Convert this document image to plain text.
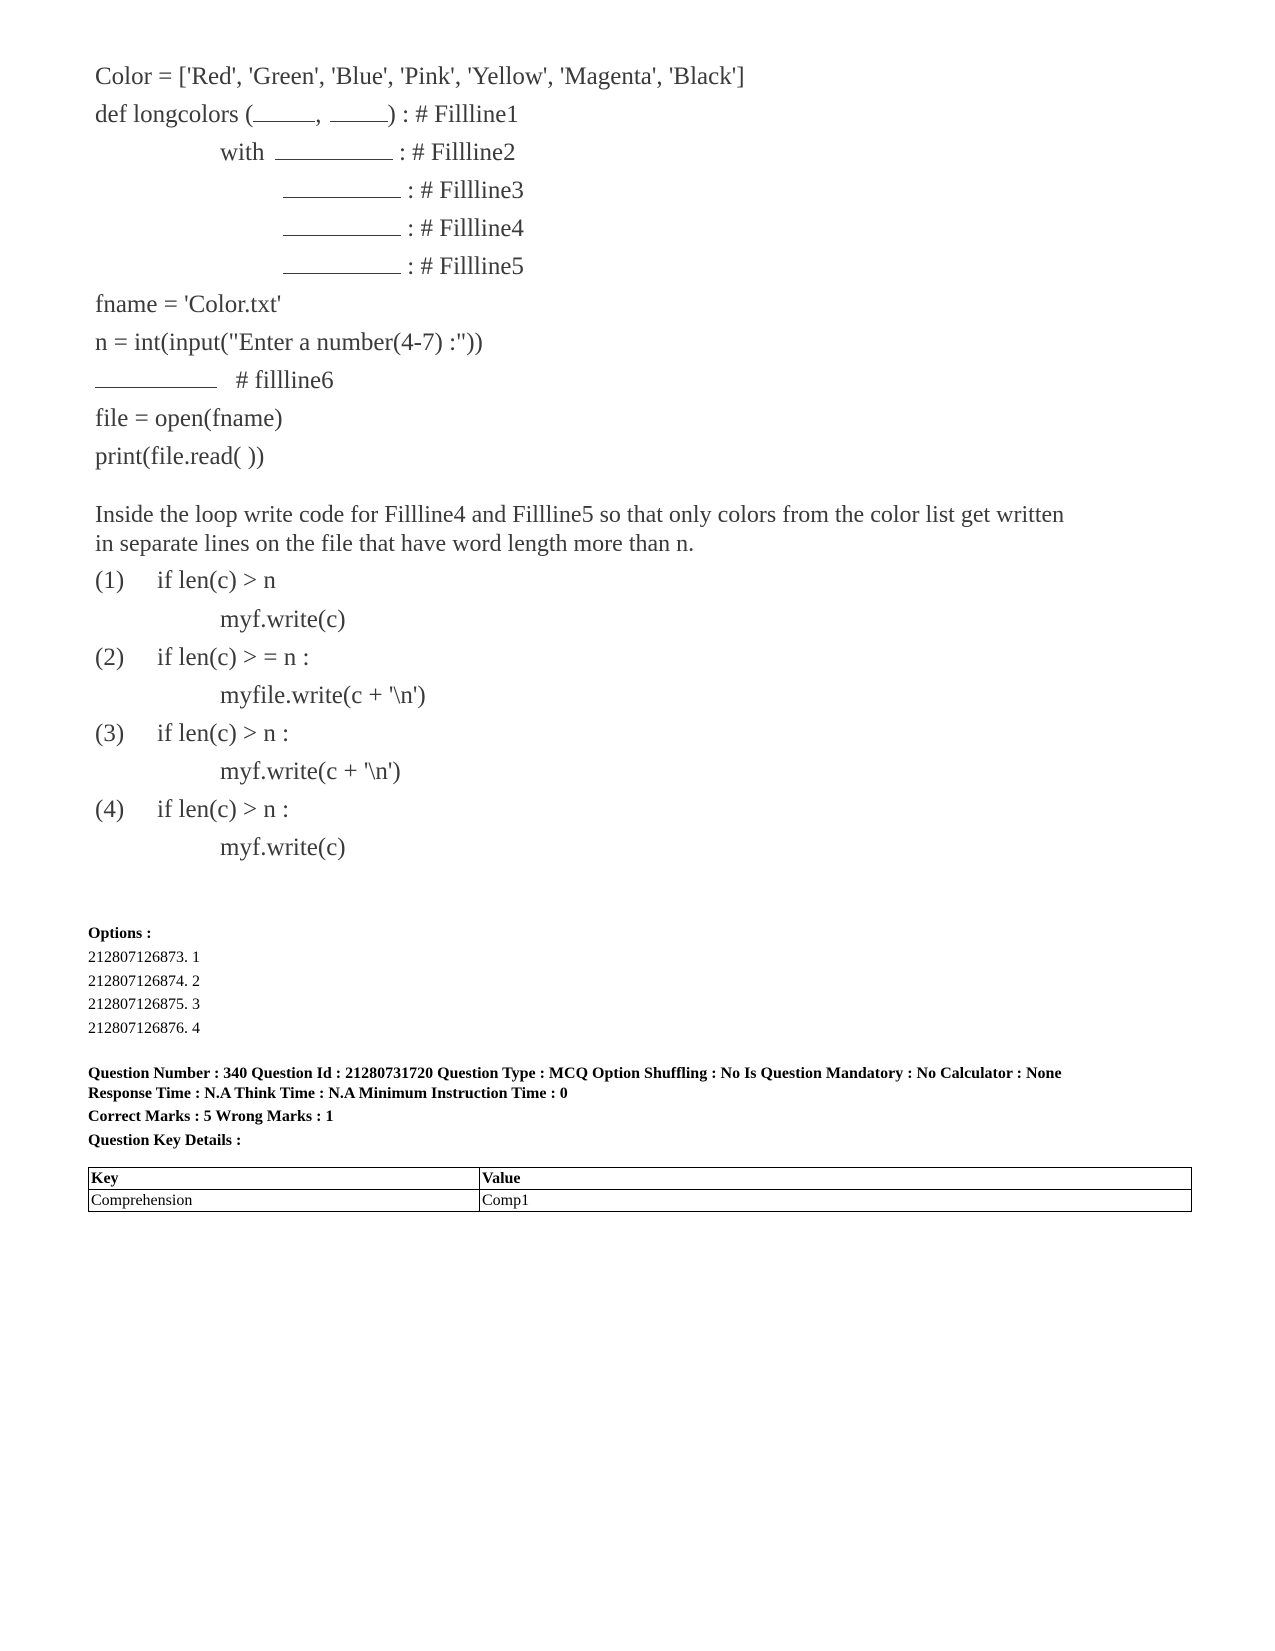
Color = ['Red', 'Green', 'Blue', 'Pink', 'Yellow', 'Magenta', 'Black']
def longcolors ( ,	) : # Fillline1
with	: # Fillline2
: # Fillline3
: # Fillline4
: # Fillline5
fname = 'Color.txt'
n = int(input("Enter a number(4-7) :"))
# fillline6
file = open(fname)
print(file.read( ))
Inside the loop write code for Fillline4 and Fillline5 so that only colors from the color list get written
in separate lines on the file that have word length more than n.
(1) if len(c) > n
myf.write(c)
(2) if len(c) > = n :
myfile.write(c + '\n')
(3) if len(c) > n :
myf.write(c + '\n')
(4) if len(c) > n :
myf.write(c)
Options :
212807126873. 1
212807126874. 2
212807126875. 3
212807126876. 4
Question Number : 340 Question Id : 21280731720 Question Type : MCQ Option Shuffling : No Is Question Mandatory : No Calculator : None
Response Time : N.A Think Time : N.A Minimum Instruction Time : 0
Correct Marks : 5 Wrong Marks : 1
Question Key Details :
Key	Value
Comprehension	Comp1
